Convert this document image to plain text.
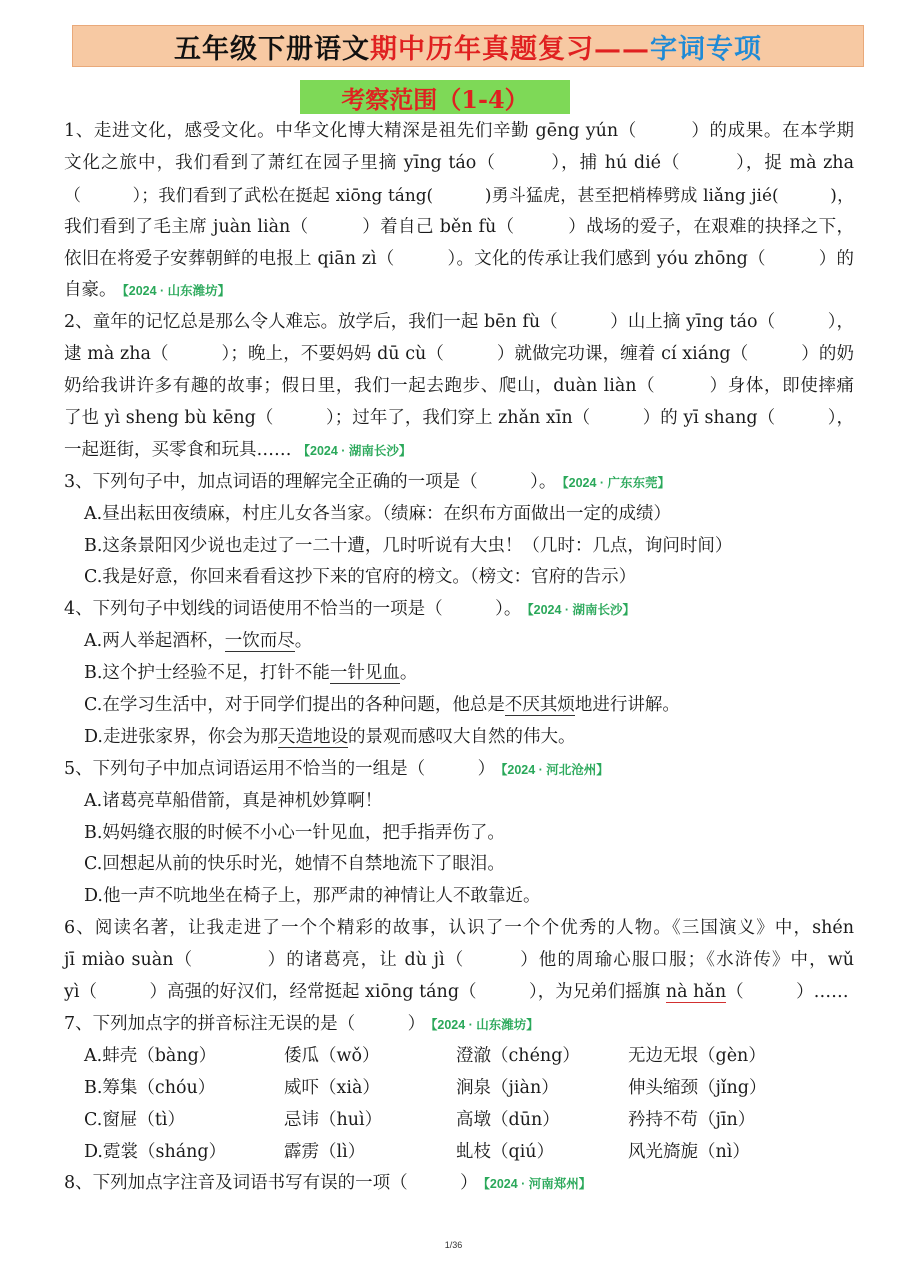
五年级下册语文 期中历年真题复习—— 字词专项
考察范围（1-4）
1、走进文化，感受文化。中华文化博大精深是祖先们辛勤 gēng yún（　　　）的成果。在本学期
文化之旅中，我们看到了萧红在园子里摘 yīng táo（　　　），捕 hú dié（　　　），捉 mà zha
（　　　）；我们看到了武松在挺起 xiōng táng(　　　)勇斗猛虎，甚至把梢棒劈成 liǎng jié(　　　)，
我们看到了毛主席 juàn liàn（　　　）着自己 běn fù（　　　）战场的爱子，在艰难的抉择之下，
依旧在将爱子安葬朝鲜的电报上 qiān zì（　　　）。文化的传承让我们感到 yóu zhōng（　　　）的
自豪。 【2024 · 山东潍坊】
2、童年的记忆总是那么令人难忘。放学后，我们一起 bēn fù（　　　）山上摘 yīng táo（　　　），
逮 mà zha（　　　）；晚上，不要妈妈 dū cù（　　　）就做完功课，缠着 cí xiáng（　　　）的奶
奶给我讲许多有趣的故事；假日里，我们一起去跑步、爬山，duàn liàn（　　　）身体，即使摔痛
了也 yì sheng bù kēng（　　　）；过年了，我们穿上 zhǎn xīn（　　　）的 yī shang（　　　），
一起逛街，买零食和玩具…… 【2024 · 湖南长沙】
3、下列句子中，加点词语的理解完全正确的一项是（　　　）。 【2024 · 广东东莞】
A.昼出耘田夜绩麻，村庄儿女各当家。（绩麻：在织布方面做出一定的成绩）
B.这条景阳冈少说也走过了一二十遭，几时听说有大虫！（几时：几点，询问时间）
C.我是好意，你回来看看这抄下来的官府的榜文。（榜文：官府的告示）
4、下列句子中划线的词语使用不恰当的一项是（　　　）。 【2024 · 湖南长沙】
A.两人举起酒杯，一饮而尽。
B.这个护士经验不足，打针不能一针见血。
C.在学习生活中，对于同学们提出的各种问题，他总是不厌其烦地进行讲解。
D.走进张家界，你会为那天造地设的景观而感叹大自然的伟大。
5、下列句子中加点词语运用不恰当的一组是（　　　） 【2024 · 河北沧州】
A.诸葛亮草船借箭，真是神机妙算啊！
B.妈妈缝衣服的时候不小心一针见血，把手指弄伤了。
C.回想起从前的快乐时光，她情不自禁地流下了眼泪。
D.他一声不吭地坐在椅子上，那严肃的神情让人不敢靠近。
6、阅读名著，让我走进了一个个精彩的故事，认识了一个个优秀的人物。《三国演义》中，shén
jī miào suàn（　　　　）的诸葛亮，让 dù jì（　　　）他的周瑜心服口服；《水浒传》中，wǔ
yì（　　　）高强的好汉们，经常挺起 xiōng táng（　　　），为兄弟们摇旗 nà hǎn（　　　）……
7、下列加点字的拼音标注无误的是（　　　） 【2024 · 山东潍坊】
A.蚌壳（bàng）	倭瓜（wǒ）	澄澈（chéng）	无边无垠（gèn）
B.筹集（chóu）	威吓（xià）	涧泉（jiàn）	伸头缩颈（jǐng）
C.窗屉（tì）	忌讳（huì）	高墩（dūn）	矜持不苟（jīn）
D.霓裳（sháng）	霹雳（lì）	虬枝（qiú）	风光旖旎（nì）
8、下列加点字注音及词语书写有误的一项（　　　） 【2024 · 河南郑州】
1/36
